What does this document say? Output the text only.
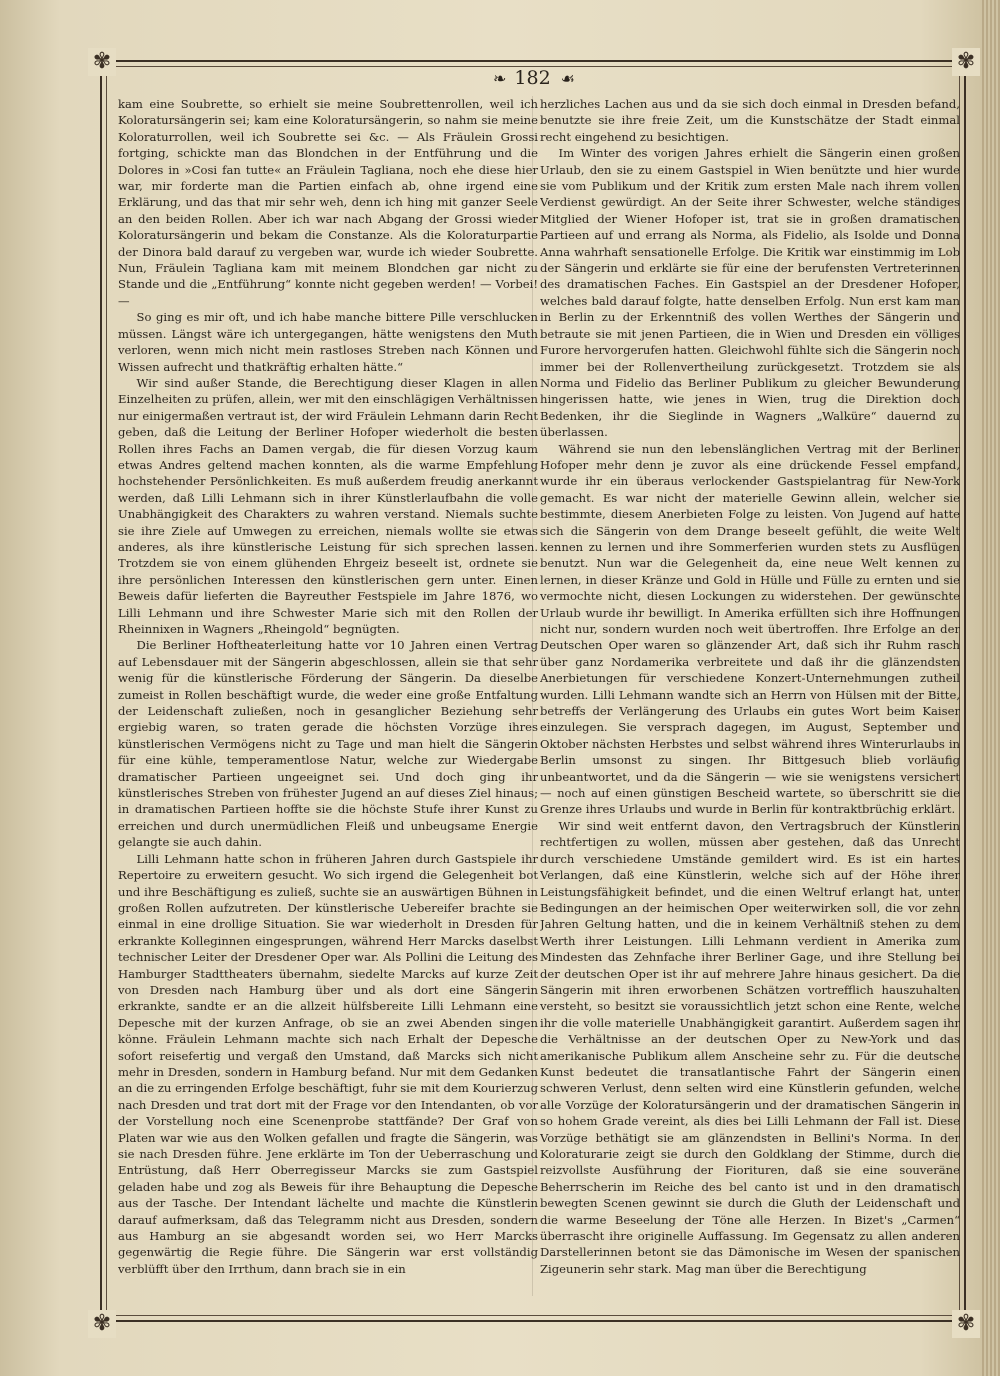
✾	✾
✾	✾
❧ 182 ☙

kam eine Soubrette, so erhielt sie meine Soubrettenrollen, weil ich Koloratursängerin sei; kam eine Koloratursängerin, so nahm sie meine Koloraturrollen, weil ich Soubrette sei &c. — Als Fräulein Grossi fortging, schickte man das Blondchen in der Entführung und die Dolores in »Cosi fan tutte« an Fräulein Tagliana, noch ehe diese hier war, mir forderte man die Partien einfach ab, ohne irgend eine Erklärung, und das that mir sehr weh, denn ich hing mit ganzer Seele an den beiden Rollen. Aber ich war nach Abgang der Grossi wieder Koloratursängerin und bekam die Constanze. Als die Koloraturpartie der Dinora bald darauf zu vergeben war, wurde ich wieder Soubrette. Nun, Fräulein Tagliana kam mit meinem Blondchen gar nicht zu Stande und die „Entführung“ konnte nicht gegeben werden! — Vorbei! —

So ging es mir oft, und ich habe manche bittere Pille verschlucken müssen. Längst wäre ich untergegangen, hätte wenigstens den Muth verloren, wenn mich nicht mein rastloses Streben nach Können und Wissen aufrecht und thatkräftig erhalten hätte.“

Wir sind außer Stande, die Berechtigung dieser Klagen in allen Einzelheiten zu prüfen, allein, wer mit den einschlägigen Verhältnissen nur einigermaßen vertraut ist, der wird Fräulein Lehmann darin Recht geben, daß die Leitung der Berliner Hofoper wiederholt die besten Rollen ihres Fachs an Damen vergab, die für diesen Vorzug kaum etwas Andres geltend machen konnten, als die warme Empfehlung hochstehender Persönlichkeiten. Es muß außerdem freudig anerkannt werden, daß Lilli Lehmann sich in ihrer Künstlerlaufbahn die volle Unabhängigkeit des Charakters zu wahren verstand. Niemals suchte sie ihre Ziele auf Umwegen zu erreichen, niemals wollte sie etwas anderes, als ihre künstlerische Leistung für sich sprechen lassen. Trotzdem sie von einem glühenden Ehrgeiz beseelt ist, ordnete sie ihre persönlichen Interessen den künstlerischen gern unter. Einen Beweis dafür lieferten die Bayreuther Festspiele im Jahre 1876, wo Lilli Lehmann und ihre Schwester Marie sich mit den Rollen der Rheinnixen in Wagners „Rheingold“ begnügten.

Die Berliner Hoftheaterleitung hatte vor 10 Jahren einen Vertrag auf Lebensdauer mit der Sängerin abgeschlossen, allein sie that sehr wenig für die künstlerische Förderung der Sängerin. Da dieselbe zumeist in Rollen beschäftigt wurde, die weder eine große Entfaltung der Leidenschaft zuließen, noch in gesanglicher Beziehung sehr ergiebig waren, so traten gerade die höchsten Vorzüge ihres künstlerischen Vermögens nicht zu Tage und man hielt die Sängerin für eine kühle, temperamentlose Natur, welche zur Wiedergabe dramatischer Partieen ungeeignet sei. Und doch ging ihr künstlerisches Streben von frühester Jugend an auf dieses Ziel hinaus; in dramatischen Partieen hoffte sie die höchste Stufe ihrer Kunst zu erreichen und durch unermüdlichen Fleiß und unbeugsame Energie gelangte sie auch dahin.

Lilli Lehmann hatte schon in früheren Jahren durch Gastspiele ihr Repertoire zu erweitern gesucht. Wo sich irgend die Gelegenheit bot und ihre Beschäftigung es zuließ, suchte sie an auswärtigen Bühnen in großen Rollen aufzutreten. Der künstlerische Uebereifer brachte sie einmal in eine drollige Situation. Sie war wiederholt in Dresden für erkrankte Kolleginnen eingesprungen, während Herr Marcks daselbst technischer Leiter der Dresdener Oper war. Als Pollini die Leitung des Hamburger Stadttheaters übernahm, siedelte Marcks auf kurze Zeit von Dresden nach Hamburg über und als dort eine Sängerin erkrankte, sandte er an die allzeit hülfsbereite Lilli Lehmann eine Depesche mit der kurzen Anfrage, ob sie an zwei Abenden singen könne. Fräulein Lehmann machte sich nach Erhalt der Depesche sofort reisefertig und vergaß den Umstand, daß Marcks sich nicht mehr in Dresden, sondern in Hamburg befand. Nur mit dem Gedanken an die zu erringenden Erfolge beschäftigt, fuhr sie mit dem Kourierzug nach Dresden und trat dort mit der Frage vor den Intendanten, ob vor der Vorstellung noch eine Scenenprobe stattfände? Der Graf von Platen war wie aus den Wolken gefallen und fragte die Sängerin, was sie nach Dresden führe. Jene erklärte im Ton der Ueberraschung und Entrüstung, daß Herr Oberregisseur Marcks sie zum Gastspiel geladen habe und zog als Beweis für ihre Behauptung die Depesche aus der Tasche. Der Intendant lächelte und machte die Künstlerin darauf aufmerksam, daß das Telegramm nicht aus Dresden, sondern aus Hamburg an sie abgesandt worden sei, wo Herr Marcks gegenwärtig die Regie führe. Die Sängerin war erst vollständig verblüfft über den Irrthum, dann brach sie in ein

herzliches Lachen aus und da sie sich doch einmal in Dresden befand, benutzte sie ihre freie Zeit, um die Kunstschätze der Stadt einmal recht eingehend zu besichtigen.

Im Winter des vorigen Jahres erhielt die Sängerin einen großen Urlaub, den sie zu einem Gastspiel in Wien benützte und hier wurde sie vom Publikum und der Kritik zum ersten Male nach ihrem vollen Verdienst gewürdigt. An der Seite ihrer Schwester, welche ständiges Mitglied der Wiener Hofoper ist, trat sie in großen dramatischen Partieen auf und errang als Norma, als Fidelio, als Isolde und Donna Anna wahrhaft sensationelle Erfolge. Die Kritik war einstimmig im Lob der Sängerin und erklärte sie für eine der berufensten Vertreterinnen des dramatischen Faches. Ein Gastspiel an der Dresdener Hofoper, welches bald darauf folgte, hatte denselben Erfolg. Nun erst kam man in Berlin zu der Erkenntniß des vollen Werthes der Sängerin und betraute sie mit jenen Partieen, die in Wien und Dresden ein völliges Furore hervorgerufen hatten. Gleichwohl fühlte sich die Sängerin noch immer bei der Rollenvertheilung zurückgesetzt. Trotzdem sie als Norma und Fidelio das Berliner Publikum zu gleicher Bewunderung hingerissen hatte, wie jenes in Wien, trug die Direktion doch Bedenken, ihr die Sieglinde in Wagners „Walküre“ dauernd zu überlassen.

Während sie nun den lebenslänglichen Vertrag mit der Berliner Hofoper mehr denn je zuvor als eine drückende Fessel empfand, wurde ihr ein überaus verlockender Gastspielantrag für New-York gemacht. Es war nicht der materielle Gewinn allein, welcher sie bestimmte, diesem Anerbieten Folge zu leisten. Von Jugend auf hatte sich die Sängerin von dem Drange beseelt gefühlt, die weite Welt kennen zu lernen und ihre Sommerferien wurden stets zu Ausflügen benutzt. Nun war die Gelegenheit da, eine neue Welt kennen zu lernen, in dieser Kränze und Gold in Hülle und Fülle zu ernten und sie vermochte nicht, diesen Lockungen zu widerstehen. Der gewünschte Urlaub wurde ihr bewilligt. In Amerika erfüllten sich ihre Hoffnungen nicht nur, sondern wurden noch weit übertroffen. Ihre Erfolge an der Deutschen Oper waren so glänzender Art, daß sich ihr Ruhm rasch über ganz Nordamerika verbreitete und daß ihr die glänzendsten Anerbietungen für verschiedene Konzert-Unternehmungen zutheil wurden. Lilli Lehmann wandte sich an Herrn von Hülsen mit der Bitte, betreffs der Verlängerung des Urlaubs ein gutes Wort beim Kaiser einzulegen. Sie versprach dagegen, im August, September und Oktober nächsten Herbstes und selbst während ihres Winterurlaubs in Berlin umsonst zu singen. Ihr Bittgesuch blieb vorläufig unbeantwortet, und da die Sängerin — wie sie wenigstens versichert — noch auf einen günstigen Bescheid wartete, so überschritt sie die Grenze ihres Urlaubs und wurde in Berlin für kontraktbrüchig erklärt.

Wir sind weit entfernt davon, den Vertragsbruch der Künstlerin rechtfertigen zu wollen, müssen aber gestehen, daß das Unrecht durch verschiedene Umstände gemildert wird. Es ist ein hartes Verlangen, daß eine Künstlerin, welche sich auf der Höhe ihrer Leistungsfähigkeit befindet, und die einen Weltruf erlangt hat, unter Bedingungen an der heimischen Oper weiterwirken soll, die vor zehn Jahren Geltung hatten, und die in keinem Verhältniß stehen zu dem Werth ihrer Leistungen. Lilli Lehmann verdient in Amerika zum Mindesten das Zehnfache ihrer Berliner Gage, und ihre Stellung bei der deutschen Oper ist ihr auf mehrere Jahre hinaus gesichert. Da die Sängerin mit ihren erworbenen Schätzen vortrefflich hauszuhalten versteht, so besitzt sie voraussichtlich jetzt schon eine Rente, welche ihr die volle materielle Unabhängigkeit garantirt. Außerdem sagen ihr die Verhältnisse an der deutschen Oper zu New-York und das amerikanische Publikum allem Anscheine sehr zu. Für die deutsche Kunst bedeutet die transatlantische Fahrt der Sängerin einen schweren Verlust, denn selten wird eine Künstlerin gefunden, welche alle Vorzüge der Koloratursängerin und der dramatischen Sängerin in so hohem Grade vereint, als dies bei Lilli Lehmann der Fall ist. Diese Vorzüge bethätigt sie am glänzendsten in Bellini's Norma. In der Koloraturarie zeigt sie durch den Goldklang der Stimme, durch die reizvollste Ausführung der Fiorituren, daß sie eine souveräne Beherrscherin im Reiche des bel canto ist und in den dramatisch bewegten Scenen gewinnt sie durch die Gluth der Leidenschaft und die warme Beseelung der Töne alle Herzen. In Bizet's „Carmen“ überrascht ihre originelle Auffassung. Im Gegensatz zu allen anderen Darstellerinnen betont sie das Dämonische im Wesen der spanischen Zigeunerin sehr stark. Mag man über die Berechtigung
